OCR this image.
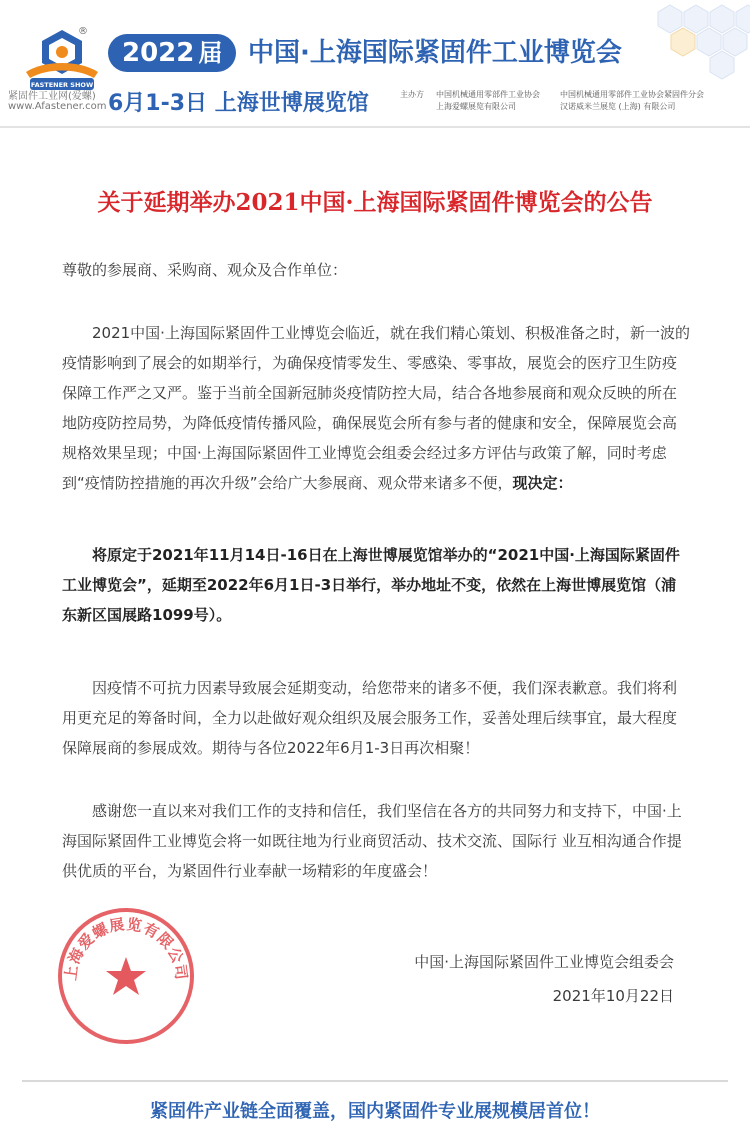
FASTENER SHOW
®
紧固件工业网(爱螺)
www.Afastener.com
2022 届 中国·上海国际紧固件工业博览会
6月1-3日 上海世博展览馆	主办方 中国机械通用零部件工业协会
上海爱螺展览有限公司
中国机械通用零部件工业协会紧固件分会
汉诺威米兰展览 (上海) 有限公司
关于延期举办2021中国·上海国际紧固件博览会的公告
尊敬的参展商、采购商、观众及合作单位：
2021中国·上海国际紧固件工业博览会临近，就在我们精心策划、积极准备之时，新一波的疫情影响到了展会的如期举行，为确保疫情零发生、零感染、零事故，展览会的医疗卫生防疫保障工作严之又严。鉴于当前全国新冠肺炎疫情防控大局，结合各地参展商和观众反映的所在地防疫防控局势，为降低疫情传播风险，确保展览会所有参与者的健康和安全，保障展览会高规格效果呈现；中国·上海国际紧固件工业博览会组委会经过多方评估与政策了解，同时考虑到“疫情防控措施的再次升级”会给广大参展商、观众带来诸多不便，现决定：
将原定于2021年11月14日-16日在上海世博展览馆举办的“2021中国·上海国际紧固件工业博览会”，延期至2022年6月1日-3日举行，举办地址不变，依然在上海世博展览馆（浦东新区国展路1099号）。
因疫情不可抗力因素导致展会延期变动，给您带来的诸多不便，我们深表歉意。我们将利用更充足的筹备时间，全力以赴做好观众组织及展会服务工作，妥善处理后续事宜，最大程度保障展商的参展成效。期待与各位2022年6月1-3日再次相聚！
感谢您一直以来对我们工作的支持和信任，我们坚信在各方的共同努力和支持下，中国·上海国际紧固件工业博览会将一如既往地为行业商贸活动、技术交流、国际行 业互相沟通合作提供优质的平台，为紧固件行业奉献一场精彩的年度盛会！
上海爱螺展览有限公司
中国·上海国际紧固件工业博览会组委会
2021年10月22日
紧固件产业链全面覆盖，国内紧固件专业展规模居首位！
